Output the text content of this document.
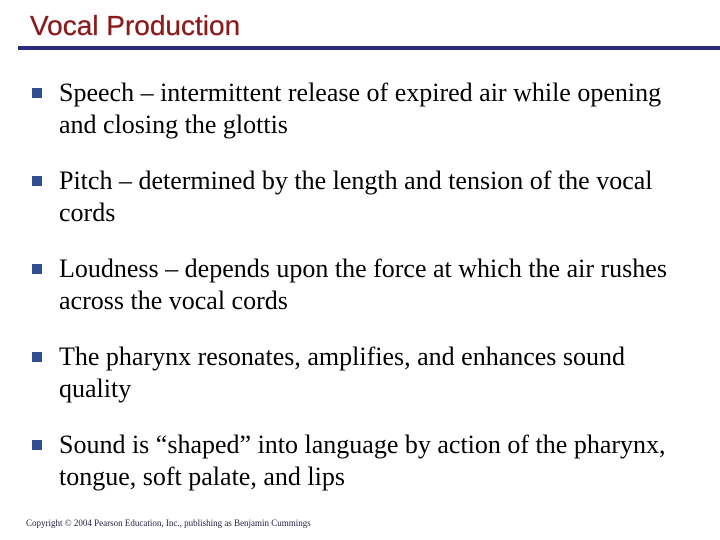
Vocal Production
Speech – intermittent release of expired air while opening and closing the glottis
Pitch – determined by the length and tension of the vocal cords
Loudness – depends upon the force at which the air rushes across the vocal cords
The pharynx resonates, amplifies, and enhances sound quality
Sound is “shaped” into language by action of the pharynx, tongue, soft palate, and lips
Copyright © 2004 Pearson Education, Inc., publishing as Benjamin Cummings
